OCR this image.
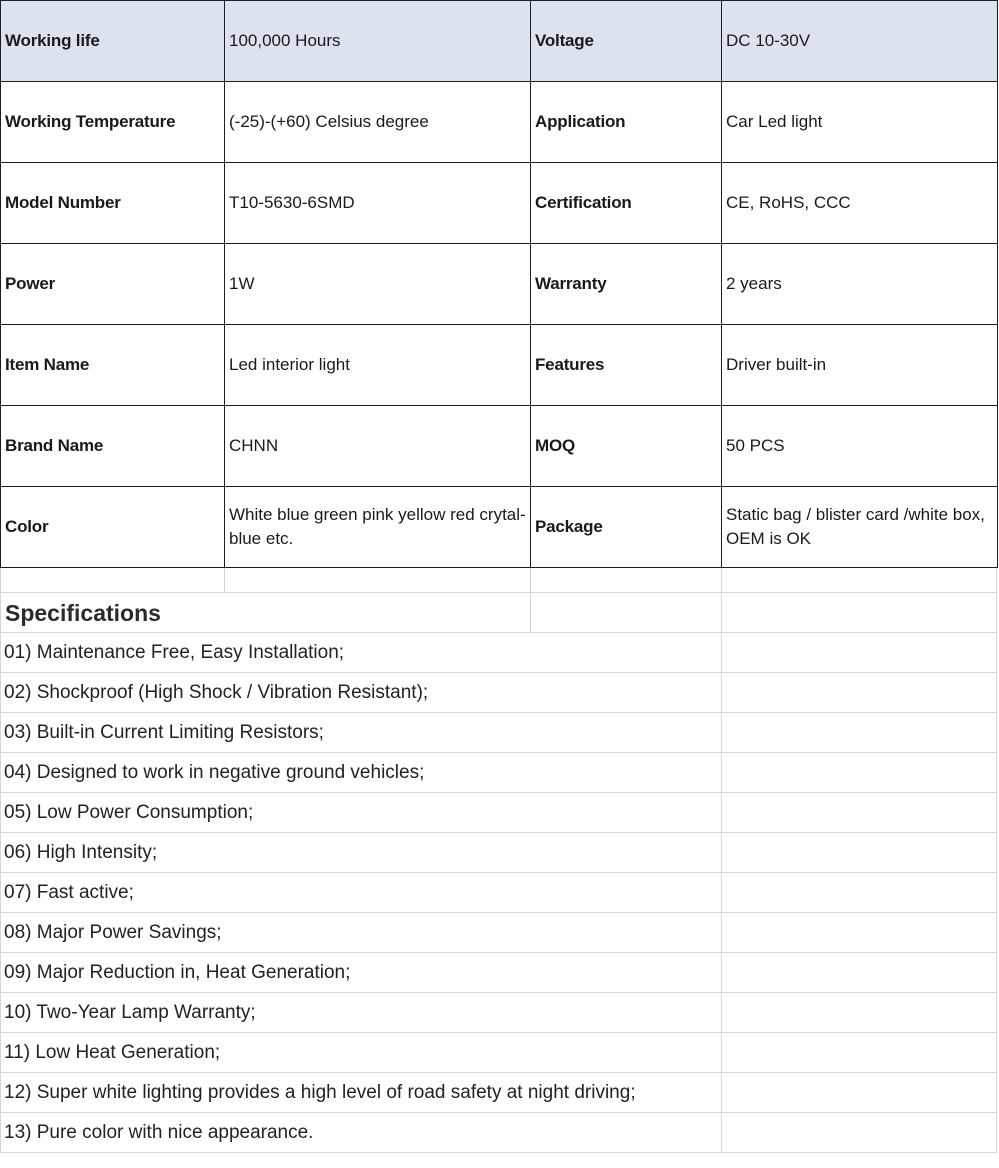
Working life	100,000 Hours	Voltage	DC 10-30V
Working Temperature	(-25)-(+60) Celsius degree	Application	Car Led light
Model Number	T10-5630-6SMD	Certification	CE, RoHS, CCC
Power	1W	Warranty	2 years
Item Name	Led interior light	Features	Driver built-in
Brand Name	CHNN	MOQ	50 PCS
Color	White blue green pink yellow red crytal-blue etc.	Package	Static bag / blister card /white box, OEM is OK
Specifications
01) Maintenance Free, Easy Installation;
02) Shockproof (High Shock / Vibration Resistant);
03) Built-in Current Limiting Resistors;
04) Designed to work in negative ground vehicles;
05) Low Power Consumption;
06) High Intensity;
07) Fast active;
08) Major Power Savings;
09) Major Reduction in, Heat Generation;
10) Two-Year Lamp Warranty;
11) Low Heat Generation;
12) Super white lighting provides a high level of road safety at night driving;
13) Pure color with nice appearance.
